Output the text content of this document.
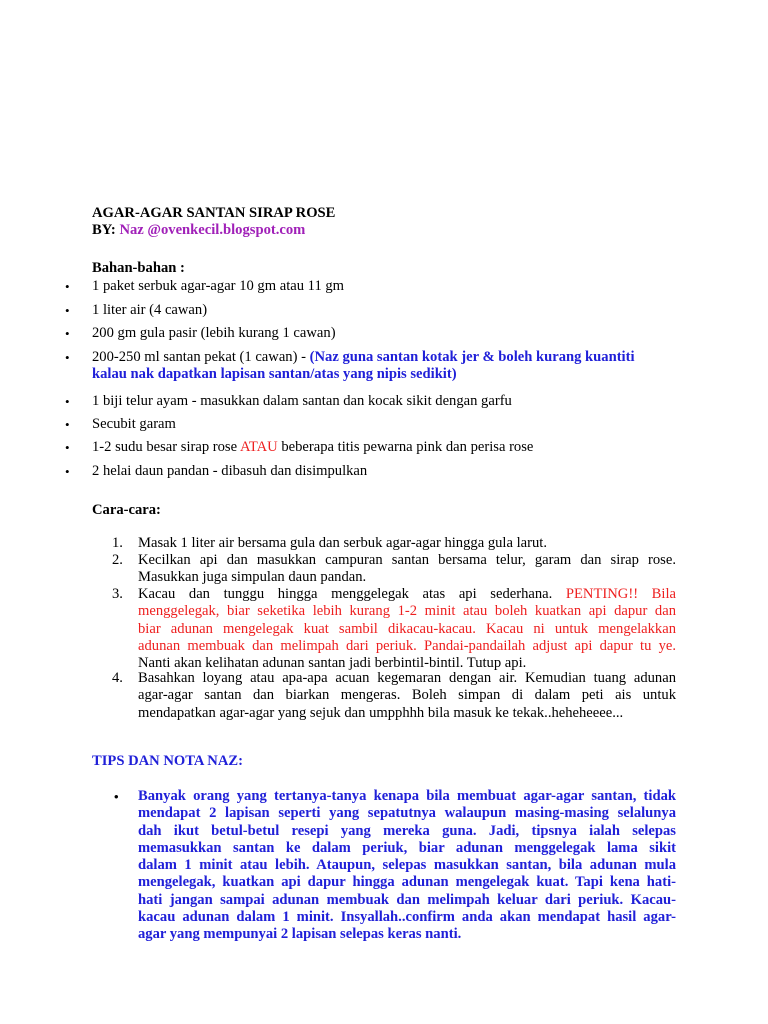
AGAR-AGAR SANTAN SIRAP ROSE
BY: Naz @ovenkecil.blogspot.com
Bahan-bahan :
• 1 paket serbuk agar-agar 10 gm atau 11 gm
• 1 liter air (4 cawan)
• 200 gm gula pasir (lebih kurang 1 cawan)
• 200-250 ml santan pekat (1 cawan) - (Naz guna santan kotak jer & boleh kurang kuantiti
kalau nak dapatkan lapisan santan/atas yang nipis sedikit)
• 1 biji telur ayam - masukkan dalam santan dan kocak sikit dengan garfu
• Secubit garam
• 1-2 sudu besar sirap rose ATAU beberapa titis pewarna pink dan perisa rose
• 2 helai daun pandan - dibasuh dan disimpulkan
Cara-cara:
1. Masak 1 liter air bersama gula dan serbuk agar-agar hingga gula larut.
2. Kecilkan api dan masukkan campuran santan bersama telur, garam dan sirap rose.
Masukkan juga simpulan daun pandan.
3. Kacau dan tunggu hingga menggelegak atas api sederhana. PENTING!! Bila
menggelegak, biar seketika lebih kurang 1-2 minit atau boleh kuatkan api dapur dan
biar adunan mengelegak kuat sambil dikacau-kacau. Kacau ni untuk mengelakkan
adunan membuak dan melimpah dari periuk. Pandai-pandailah adjust api dapur tu ye.
Nanti akan kelihatan adunan santan jadi berbintil-bintil. Tutup api.
4. Basahkan loyang atau apa-apa acuan kegemaran dengan air. Kemudian tuang adunan
agar-agar santan dan biarkan mengeras. Boleh simpan di dalam peti ais untuk
mendapatkan agar-agar yang sejuk dan umpphhh bila masuk ke tekak..heheheeee...
TIPS DAN NOTA NAZ:
• Banyak orang yang tertanya-tanya kenapa bila membuat agar-agar santan, tidak
mendapat 2 lapisan seperti yang sepatutnya walaupun masing-masing selalunya
dah ikut betul-betul resepi yang mereka guna. Jadi, tipsnya ialah selepas
memasukkan santan ke dalam periuk, biar adunan menggelegak lama sikit
dalam 1 minit atau lebih. Ataupun, selepas masukkan santan, bila adunan mula
mengelegak, kuatkan api dapur hingga adunan mengelegak kuat. Tapi kena hati-
hati jangan sampai adunan membuak dan melimpah keluar dari periuk. Kacau-
kacau adunan dalam 1 minit. Insyallah..confirm anda akan mendapat hasil agar-
agar yang mempunyai 2 lapisan selepas keras nanti.
